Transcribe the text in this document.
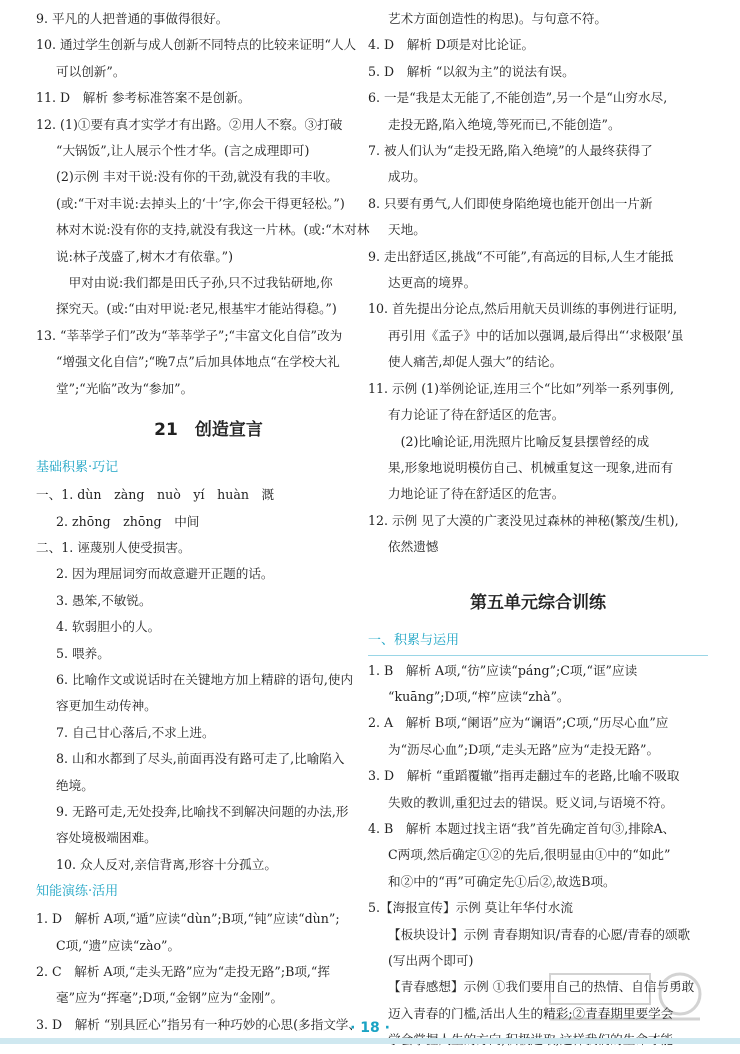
9. 平凡的人把普通的事做得很好。

10. 通过学生创新与成人创新不同特点的比较来证明“人人

可以创新”。

11. D　解析 参考标准答案不是创新。

12. (1)①要有真才实学才有出路。②用人不察。③打破

“大锅饭”,让人展示个性才华。(言之成理即可)

(2)示例 丰对干说:没有你的干劲,就没有我的丰收。

(或:“干对丰说:去掉头上的‘十’字,你会干得更轻松。”)

林对木说:没有你的支持,就没有我这一片林。(或:“木对林

说:林子茂盛了,树木才有依靠。”)

　甲对由说:我们都是田氏子孙,只不过我钻研地,你

探究天。(或:“由对甲说:老兄,根基牢才能站得稳。”)

13. “莘莘学子们”改为“莘莘学子”;“丰富文化自信”改为

“增强文化自信”;“晚7点”后加具体地点“在学校大礼

堂”;“光临”改为“参加”。

21　创造宣言
基础积累·巧记

一、1. dùn　zàng　nuò　yí　huàn　溉

2. zhōng　zhōng　中间

二、1. 诬蔑别人使受损害。

2. 因为理屈词穷而故意避开正题的话。

3. 愚笨,不敏锐。

4. 软弱胆小的人。

5. 喂养。

6. 比喻作文或说话时在关键地方加上精辟的语句,使内

容更加生动传神。

7. 自己甘心落后,不求上进。

8. 山和水都到了尽头,前面再没有路可走了,比喻陷入

绝境。

9. 无路可走,无处投奔,比喻找不到解决问题的办法,形

容处境极端困难。

10. 众人反对,亲信背离,形容十分孤立。

知能演练·活用

1. D　解析 A项,“遁”应读“dùn”;B项,“钝”应读“dùn”;

C项,“遗”应读“zào”。

2. C　解析 A项,“走头无路”应为“走投无路”;B项,“挥

毫”应为“挥毫”;D项,“金钢”应为“金刚”。

3. D　解析 “别具匠心”指另有一种巧妙的心思(多指文学、

艺术方面创造性的构思)。与句意不符。

4. D　解析 D项是对比论证。

5. D　解析 “以叙为主”的说法有误。

6. 一是“我是太无能了,不能创造”,另一个是“山穷水尽,

走投无路,陷入绝境,等死而已,不能创造”。

7. 被人们认为“走投无路,陷入绝境”的人最终获得了

成功。

8. 只要有勇气,人们即使身陷绝境也能开创出一片新

天地。

9. 走出舒适区,挑战“不可能”,有高远的目标,人生才能抵

达更高的境界。

10. 首先提出分论点,然后用航天员训练的事例进行证明,

再引用《孟子》中的话加以强调,最后得出“‘求极限’虽

使人痛苦,却促人强大”的结论。

11. 示例 (1)举例论证,连用三个“比如”列举一系列事例,

有力论证了待在舒适区的危害。

　(2)比喻论证,用洗照片比喻反复县摆曾经的成

果,形象地说明模仿自己、机械重复这一现象,进而有

力地论证了待在舒适区的危害。

12. 示例 见了大漠的广袤没见过森林的神秘(繁茂/生机),

依然遗憾

第五单元综合训练
一、积累与运用

1. B　解析 A项,“彷”应读“páng”;C项,“诓”应读

“kuāng”;D项,“榨”应读“zhà”。

2. A　解析 B项,“阑语”应为“谰语”;C项,“历尽心血”应

为“沥尽心血”;D项,“走头无路”应为“走投无路”。

3. D　解析 “重蹈覆辙”指再走翻过车的老路,比喻不吸取

失败的教训,重犯过去的错误。贬义词,与语境不符。

4. B　解析 本题过找主语“我”首先确定首句③,排除A、

C两项,然后确定①②的先后,很明显由①中的“如此”

和②中的“再”可确定先①后②,故选B项。

5.【海报宣传】示例 莫让年华付水流

【板块设计】示例 青春期知识/青春的心愿/青春的颂歌

(写出两个即可)

【青春感想】示例 ①我们要用自己的热情、自信与勇敢

迈入青春的门槛,活出人生的精彩;②青春期里要学会

· 18 ·
